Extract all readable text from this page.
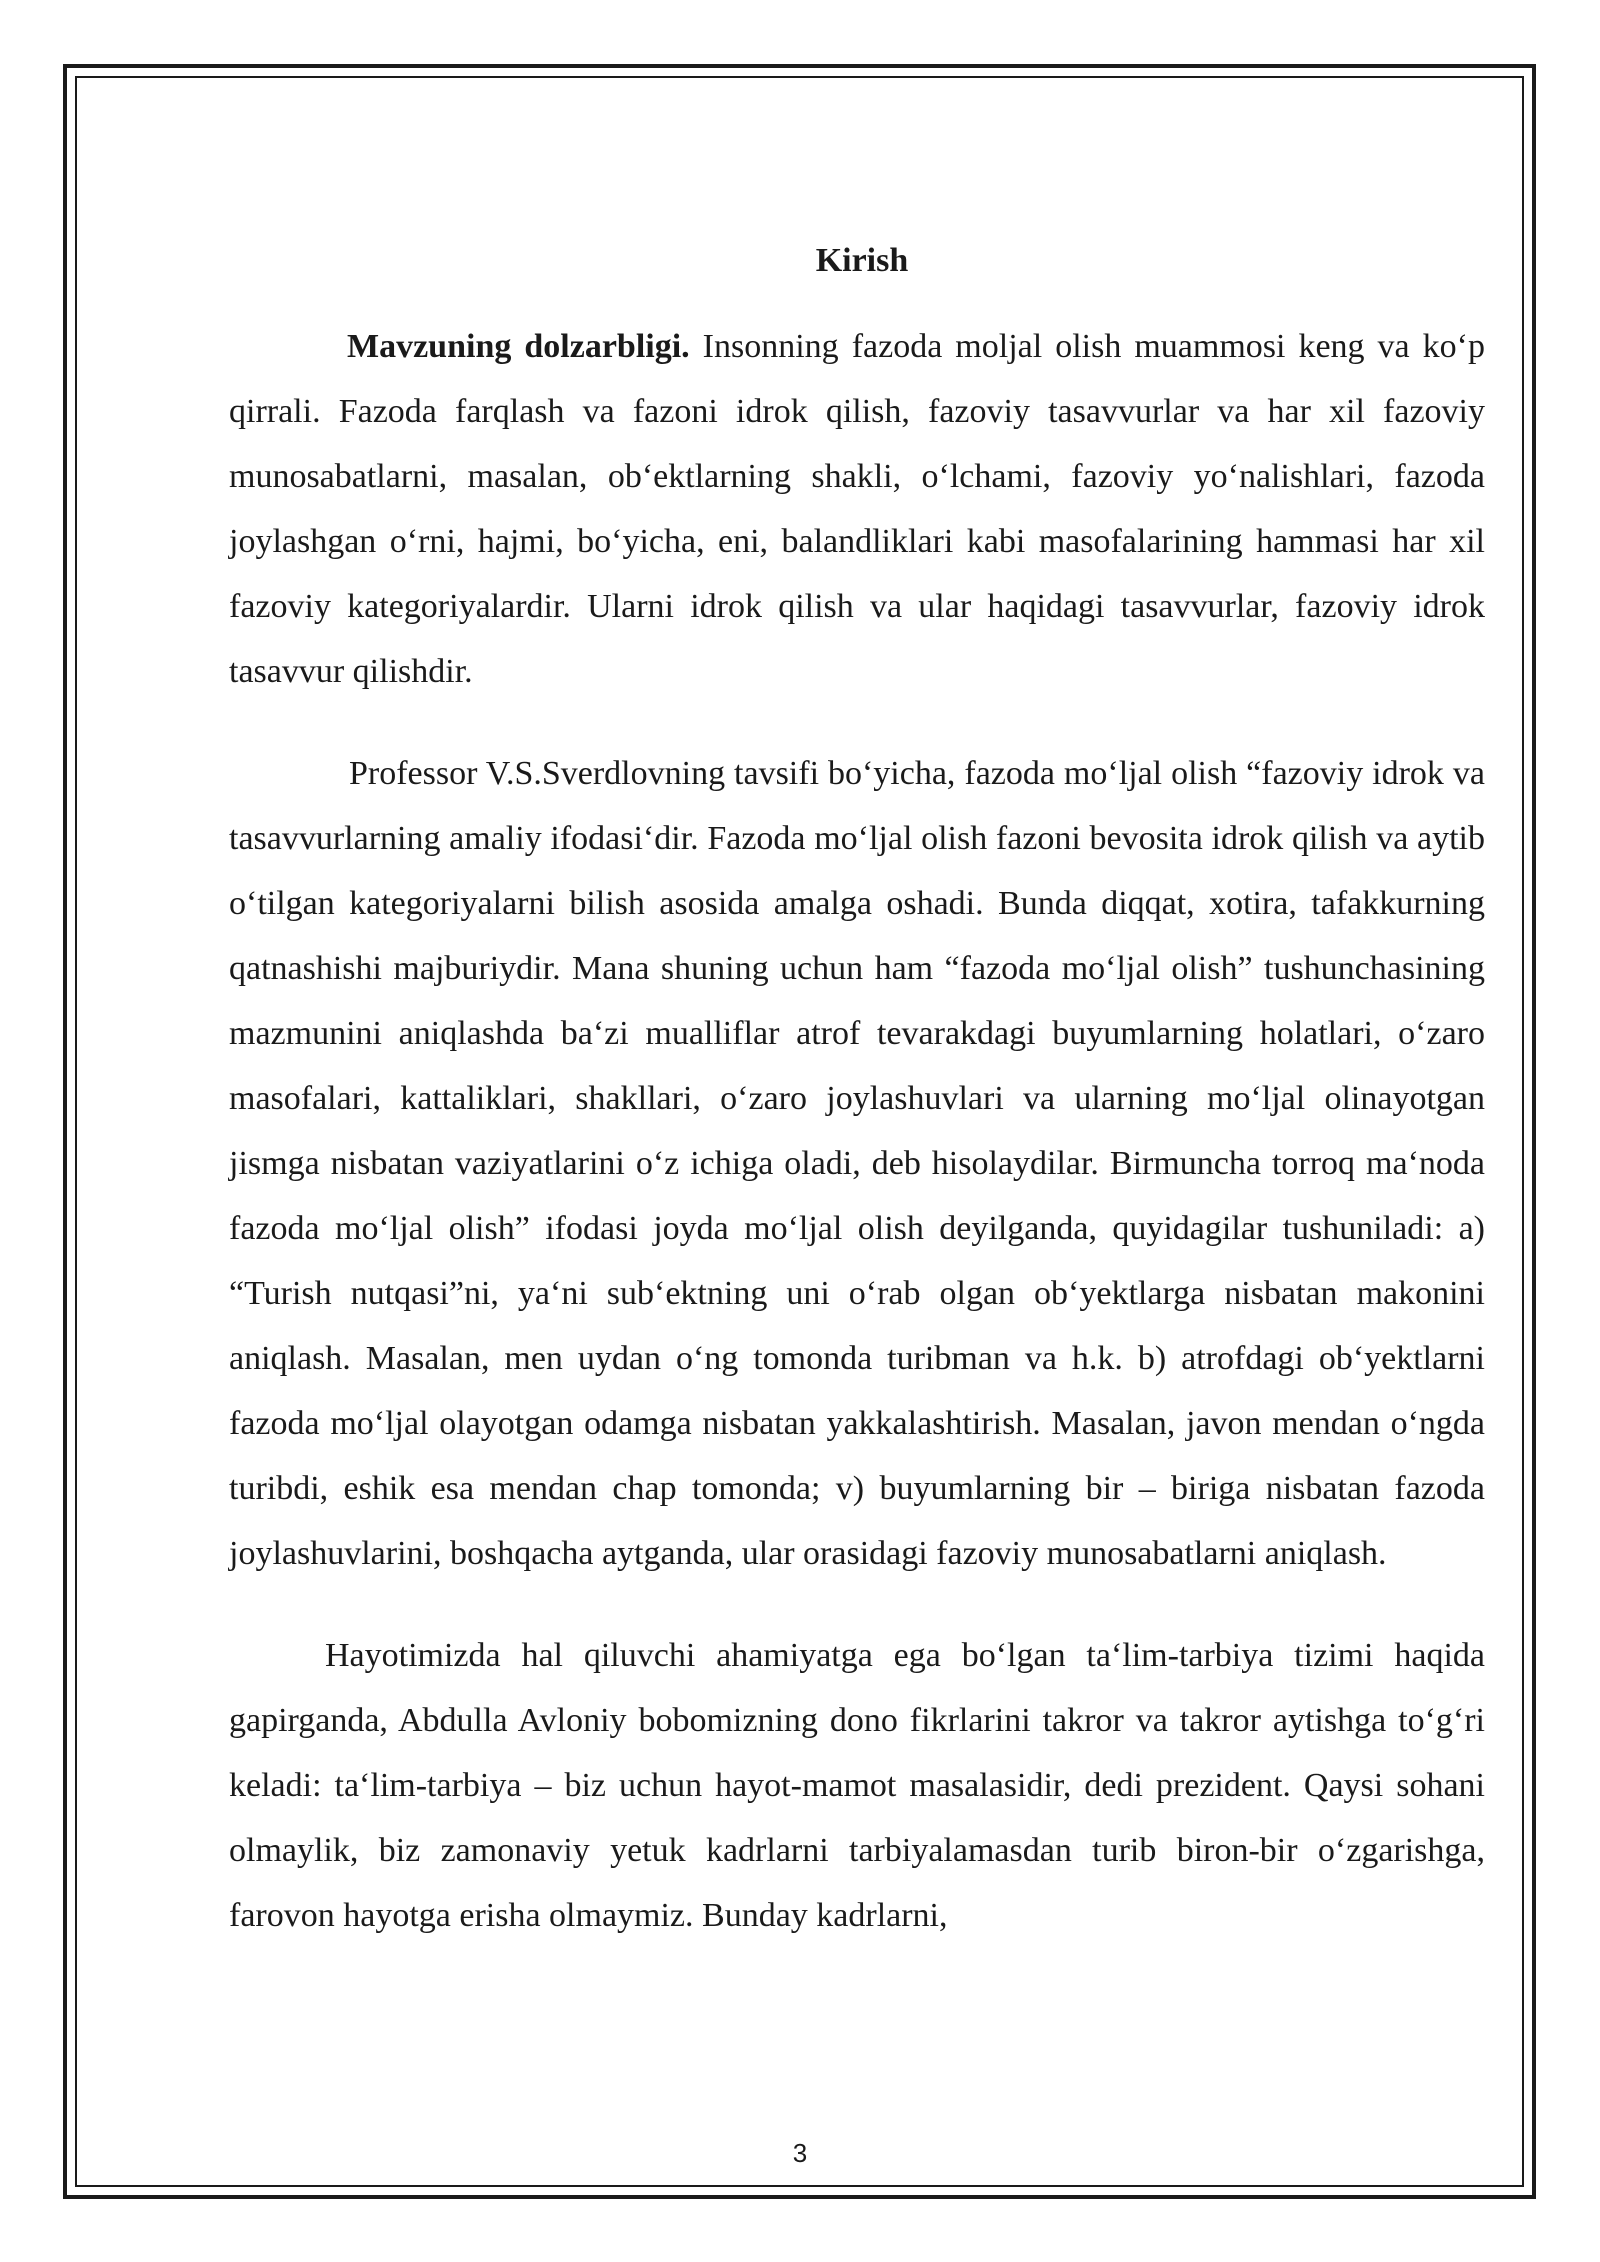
Kirish

Mavzuning dolzarbligi. Insonning fazoda moljal olish muammosi keng va ko‘p qirrali. Fazoda farqlash va fazoni idrok qilish, fazoviy tasavvurlar va har xil fazoviy munosabatlarni, masalan, ob‘ektlarning shakli, o‘lchami, fazoviy yo‘nalishlari, fazoda joylashgan o‘rni, hajmi, bo‘yicha, eni, balandliklari kabi masofalarining hammasi har xil fazoviy kategoriyalardir. Ularni idrok qilish va ular haqidagi tasavvurlar, fazoviy idrok tasavvur qilishdir.

Professor V.S.Sverdlovning tavsifi bo‘yicha, fazoda mo‘ljal olish “fazoviy idrok va tasavvurlarning amaliy ifodasi‘dir. Fazoda mo‘ljal olish fazoni bevosita idrok qilish va aytib o‘tilgan kategoriyalarni bilish asosida amalga oshadi. Bunda diqqat, xotira, tafakkurning qatnashishi majburiydir. Mana shuning uchun ham “fazoda mo‘ljal olish” tushunchasining mazmunini aniqlashda ba‘zi mualliflar atrof tevarakdagi buyumlarning holatlari, o‘zaro masofalari, kattaliklari, shakllari, o‘zaro joylashuvlari va ularning mo‘ljal olinayotgan jismga nisbatan vaziyatlarini o‘z ichiga oladi, deb hisolaydilar. Birmuncha torroq ma‘noda fazoda mo‘ljal olish” ifodasi joyda mo‘ljal olish deyilganda, quyidagilar tushuniladi: a) “Turish nutqasi”ni, ya‘ni sub‘ektning uni o‘rab olgan ob‘yektlarga nisbatan makonini aniqlash. Masalan, men uydan o‘ng tomonda turibman va h.k. b) atrofdagi ob‘yektlarni fazoda mo‘ljal olayotgan odamga nisbatan yakkalashtirish. Masalan, javon mendan o‘ngda turibdi, eshik esa mendan chap tomonda; v) buyumlarning bir – biriga nisbatan fazoda joylashuvlarini, boshqacha aytganda, ular orasidagi fazoviy munosabatlarni aniqlash.

Hayotimizda hal qiluvchi ahamiyatga ega bo‘lgan ta‘lim-tarbiya tizimi haqida gapirganda, Abdulla Avloniy bobomizning dono fikrlarini takror va takror aytishga to‘g‘ri keladi: ta‘lim-tarbiya – biz uchun hayot-mamot masalasidir, dedi prezident. Qaysi sohani olmaylik, biz zamonaviy yetuk kadrlarni tarbiyalamasdan turib biron-bir o‘zgarishga, farovon hayotga erisha olmaymiz. Bunday kadrlarni,

3
